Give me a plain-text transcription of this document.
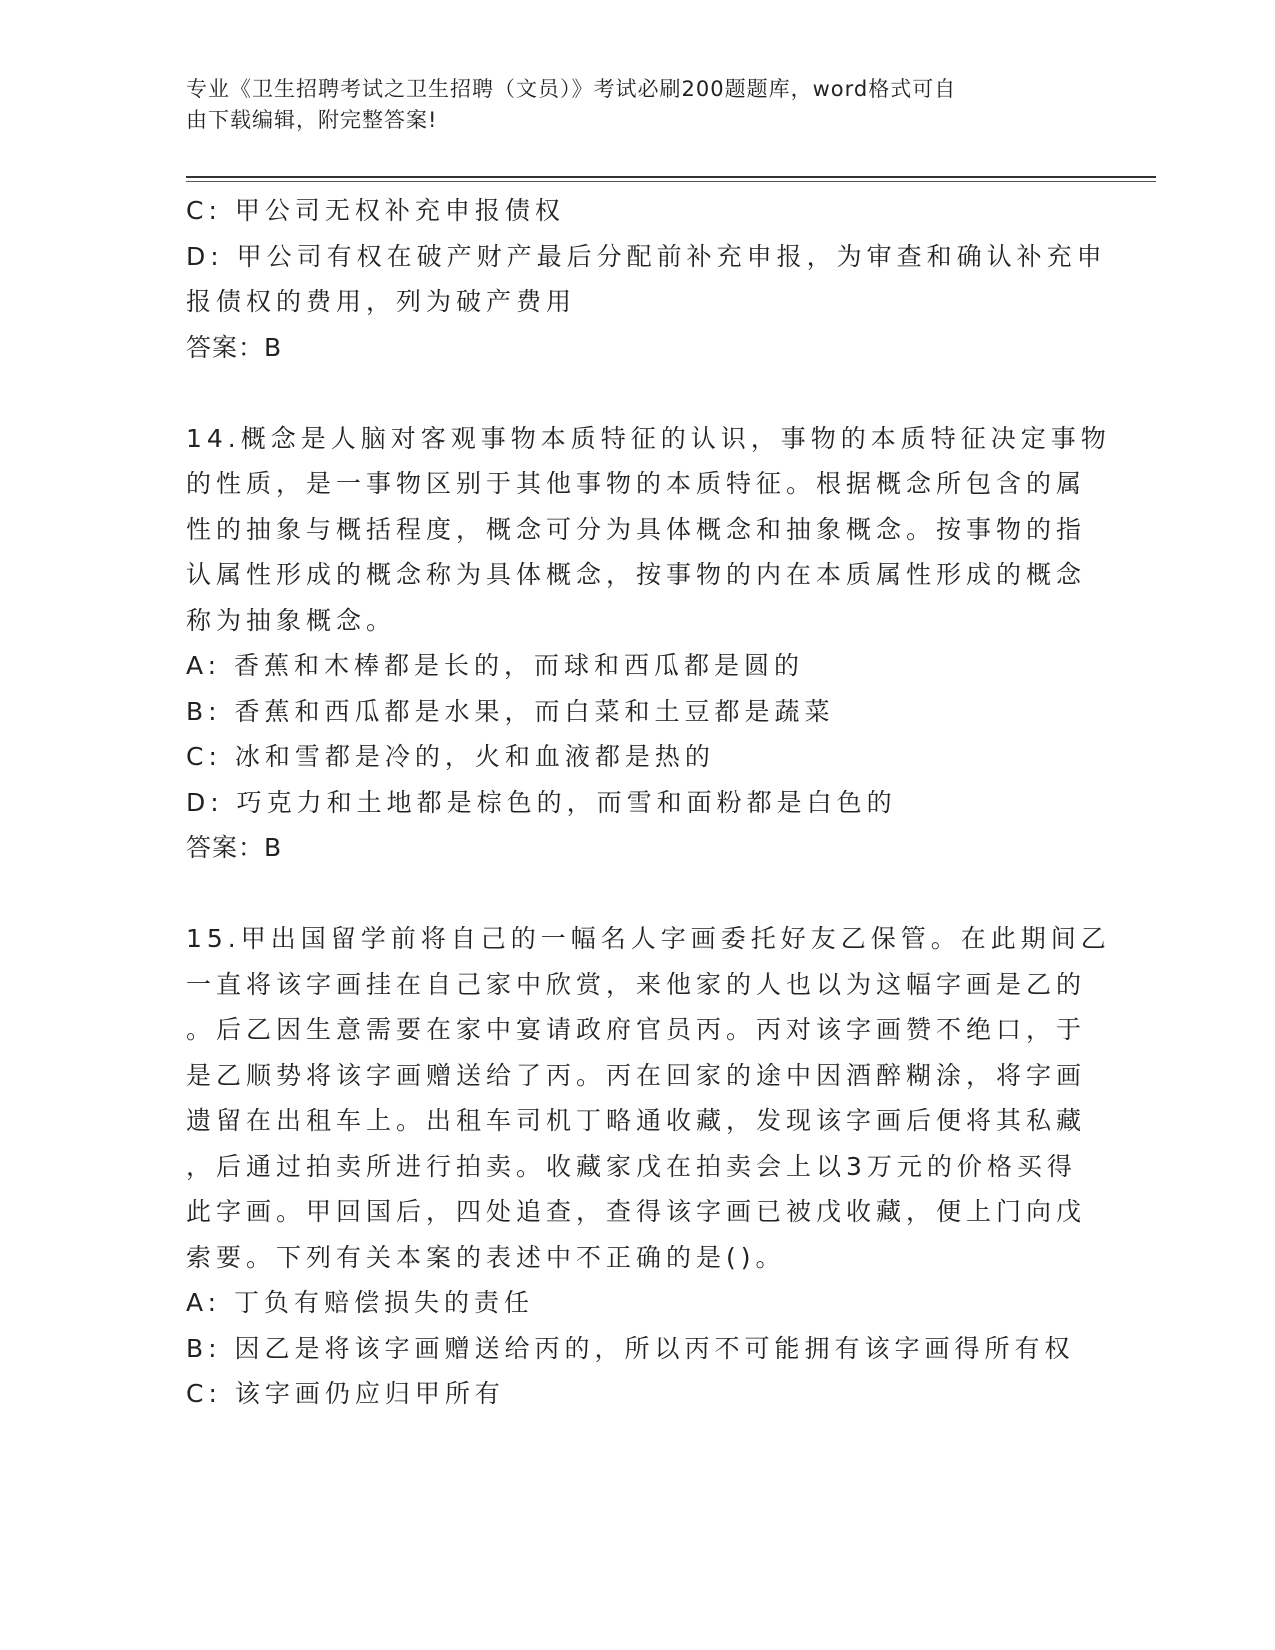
专业《卫生招聘考试之卫生招聘（文员）》考试必刷200题题库，word格式可自
由下载编辑，附完整答案!
C: 甲公司无权补充申报债权
D: 甲公司有权在破产财产最后分配前补充申报，为审查和确认补充申
报债权的费用，列为破产费用
答案：B
14.概念是人脑对客观事物本质特征的认识，事物的本质特征决定事物
的性质，是一事物区别于其他事物的本质特征。根据概念所包含的属
性的抽象与概括程度，概念可分为具体概念和抽象概念。按事物的指
认属性形成的概念称为具体概念，按事物的内在本质属性形成的概念
称为抽象概念。
A: 香蕉和木棒都是长的，而球和西瓜都是圆的
B: 香蕉和西瓜都是水果，而白菜和土豆都是蔬菜
C: 冰和雪都是冷的，火和血液都是热的
D: 巧克力和土地都是棕色的，而雪和面粉都是白色的
答案：B
15.甲出国留学前将自己的一幅名人字画委托好友乙保管。在此期间乙
一直将该字画挂在自己家中欣赏，来他家的人也以为这幅字画是乙的
。后乙因生意需要在家中宴请政府官员丙。丙对该字画赞不绝口，于
是乙顺势将该字画赠送给了丙。丙在回家的途中因酒醉糊涂，将字画
遗留在出租车上。出租车司机丁略通收藏，发现该字画后便将其私藏
，后通过拍卖所进行拍卖。收藏家戊在拍卖会上以3万元的价格买得
此字画。甲回国后，四处追查，查得该字画已被戊收藏，便上门向戊
索要。下列有关本案的表述中不正确的是()。
A: 丁负有赔偿损失的责任
B: 因乙是将该字画赠送给丙的，所以丙不可能拥有该字画得所有权
C: 该字画仍应归甲所有
